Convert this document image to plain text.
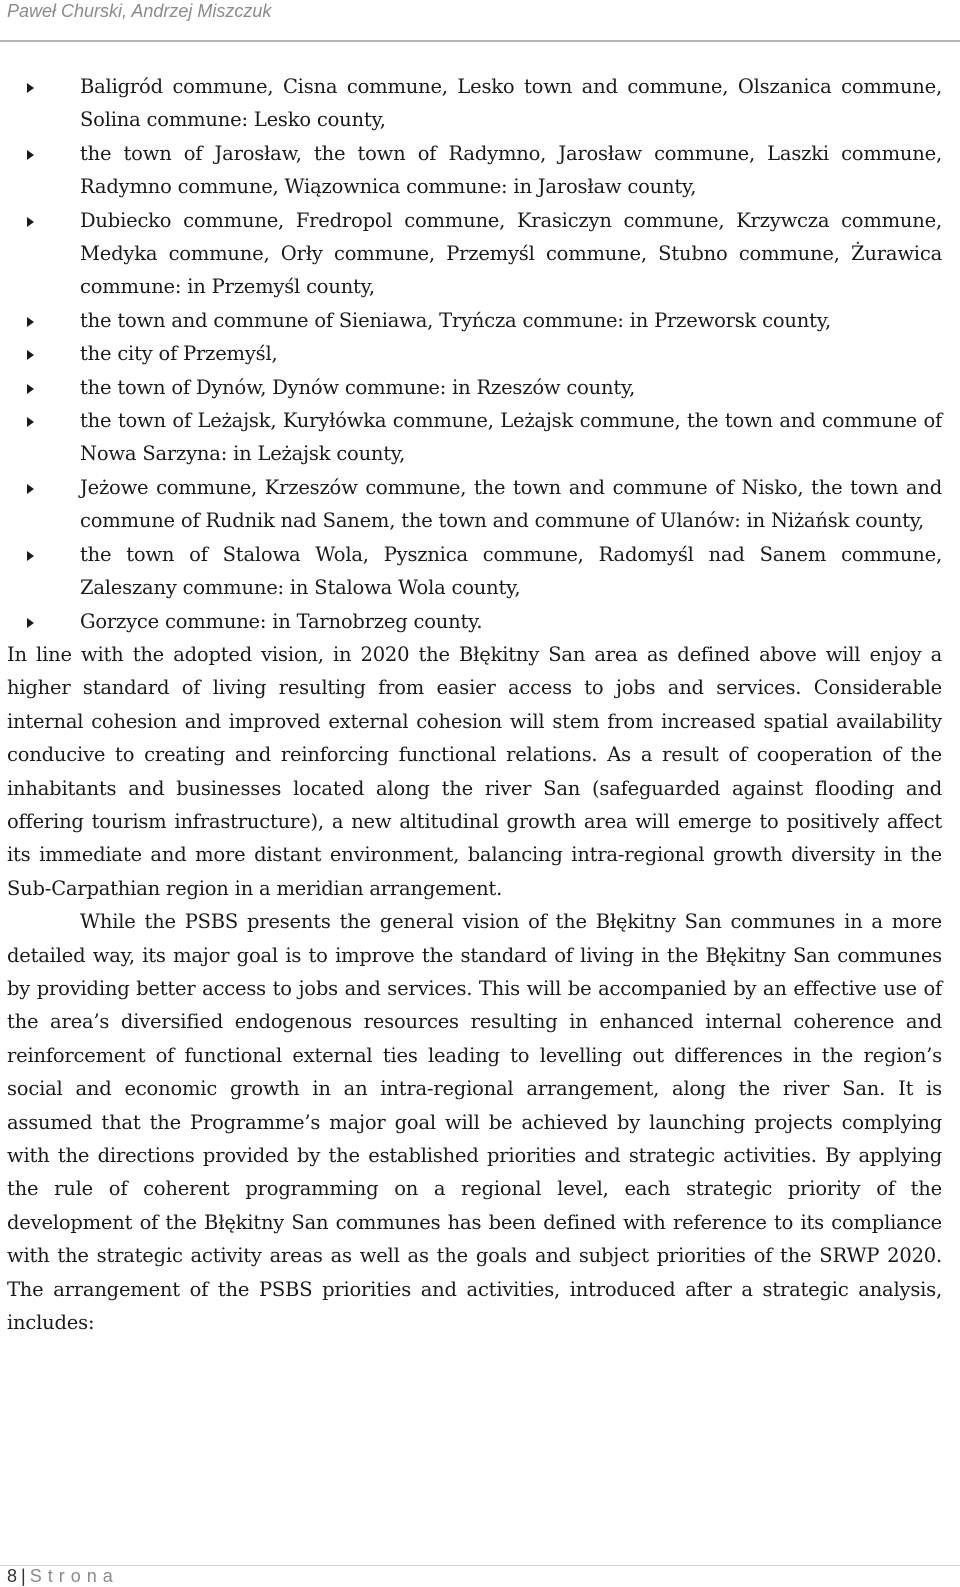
Paweł Churski, Andrzej Miszczuk
Baligród commune, Cisna commune, Lesko town and commune, Olszanica commune, Solina commune: Lesko county,
the town of Jarosław, the town of Radymno, Jarosław commune, Laszki commune, Radymno commune, Wiązownica commune: in Jarosław county,
Dubiecko commune, Fredropol commune, Krasiczyn commune, Krzywcza commune, Medyka commune, Orły commune, Przemyśl commune, Stubno commune, Żurawica commune: in Przemyśl county,
the town and commune of Sieniawa, Tryńcza commune: in Przeworsk county,
the city of Przemyśl,
the town of Dynów, Dynów commune: in Rzeszów county,
the town of Leżajsk, Kuryłówka commune, Leżajsk commune, the town and commune of Nowa Sarzyna: in Leżajsk county,
Jeżowe commune, Krzeszów commune, the town and commune of Nisko, the town and commune of Rudnik nad Sanem, the town and commune of Ulanów: in Niżańsk county,
the town of Stalowa Wola, Pysznica commune, Radomyśl nad Sanem commune, Zaleszany commune: in Stalowa Wola county,
Gorzyce commune: in Tarnobrzeg county.

In line with the adopted vision, in 2020 the Błękitny San area as defined above will enjoy a higher standard of living resulting from easier access to jobs and services. Considerable internal cohesion and improved external cohesion will stem from increased spatial availability conducive to creating and reinforcing functional relations. As a result of cooperation of the inhabitants and businesses located along the river San (safeguarded against flooding and offering tourism infrastructure), a new altitudinal growth area will emerge to positively affect its immediate and more distant environment, balancing intra-regional growth diversity in the Sub-Carpathian region in a meridian arrangement.

While the PSBS presents the general vision of the Błękitny San communes in a more detailed way, its major goal is to improve the standard of living in the Błękitny San communes by providing better access to jobs and services. This will be accompanied by an effective use of the area’s diversified endogenous resources resulting in enhanced internal coherence and reinforcement of functional external ties leading to levelling out differences in the region’s social and economic growth in an intra-regional arrangement, along the river San. It is assumed that the Programme’s major goal will be achieved by launching projects complying with the directions provided by the established priorities and strategic activities. By applying the rule of coherent programming on a regional level, each strategic priority of the development of the Błękitny San communes has been defined with reference to its compliance with the strategic activity areas as well as the goals and subject priorities of the SRWP 2020. The arrangement of the PSBS priorities and activities, introduced after a strategic analysis, includes:

8 | Strona
